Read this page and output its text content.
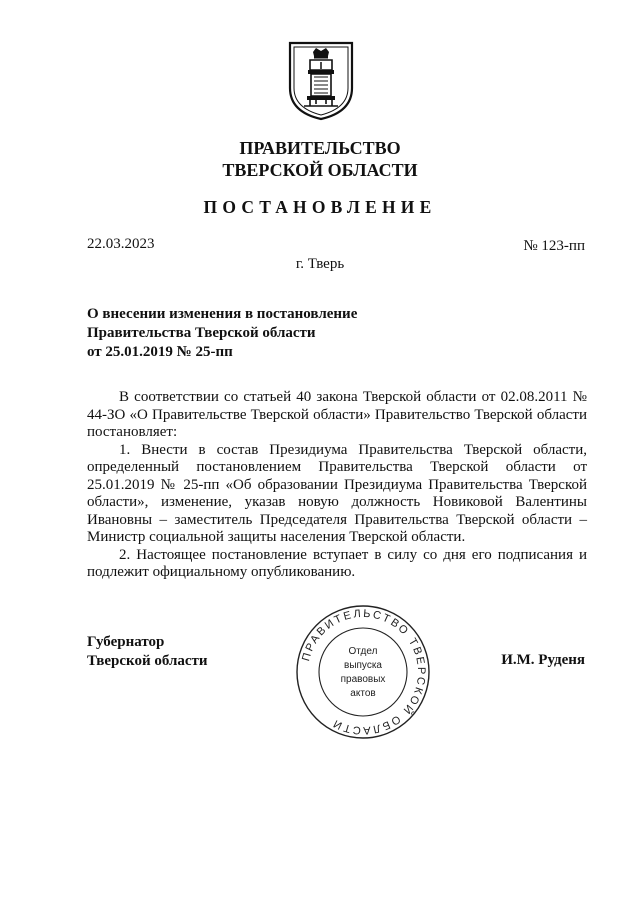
ПРАВИТЕЛЬСТВО
ТВЕРСКОЙ ОБЛАСТИ
ПОСТАНОВЛЕНИЕ
22.03.2023	№ 123-пп
г. Тверь
О внесении изменения в постановление
Правительства Тверской области
от 25.01.2019 № 25-пп

В соответствии со статьей 40 закона Тверской области от 02.08.2011 № 44-ЗО «О Правительстве Тверской области» Правительство Тверской области постановляет:

1. Внести в состав Президиума Правительства Тверской области, определенный постановлением Правительства Тверской области от 25.01.2019 № 25-пп «Об образовании Президиума Правительства Тверской области», изменение, указав новую должность Новиковой Валентины Ивановны – заместитель Председателя Правительства Тверской области – Министр социальной защиты населения Тверской области.

2. Настоящее постановление вступает в силу со дня его подписания и подлежит официальному опубликованию.

Губернатор
Тверской области	И.М. Руденя
ПРАВИТЕЛЬСТВО ТВЕРСКОЙ ОБЛАСТИ
Отдел
выпуска
правовых
актов
